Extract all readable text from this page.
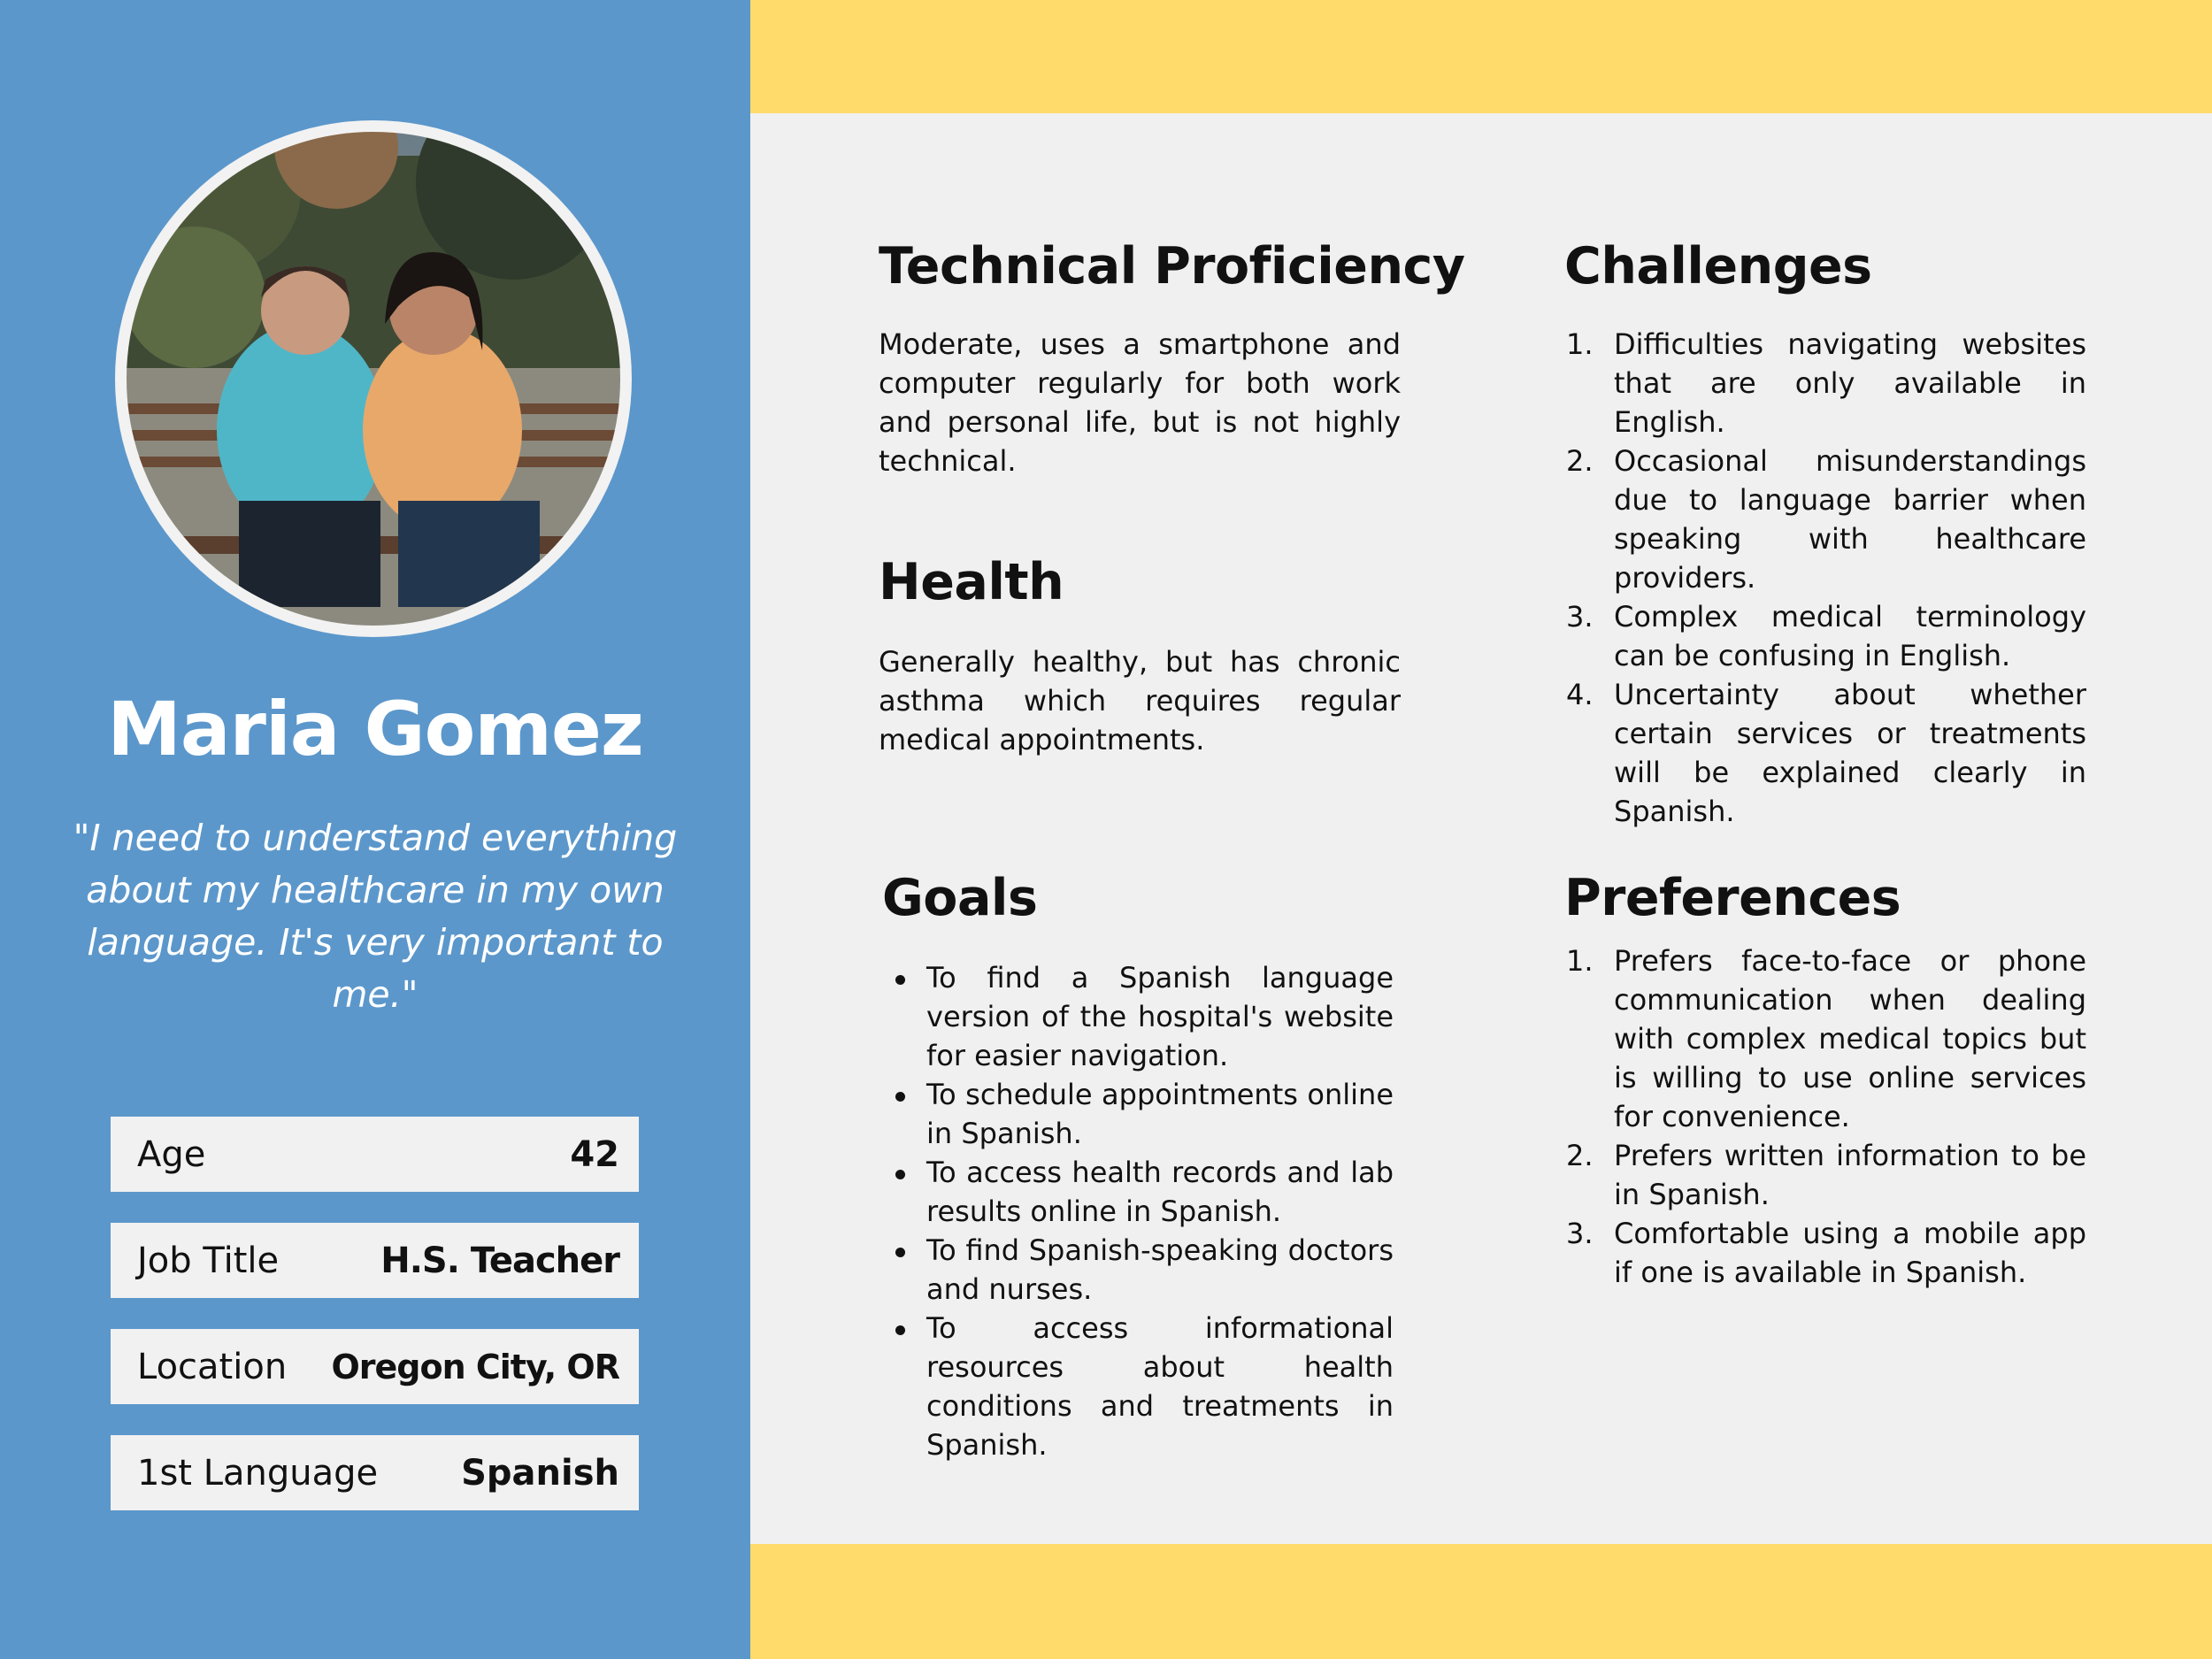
Maria Gomez
"I need to understand everything about my healthcare in my own language. It's very important to me."
Age	42
Job Title	H.S. Teacher
Location Oregon City, OR
1st Language Spanish
Technical Proficiency
Moderate, uses a smartphone and computer regularly for both work and personal life, but is not highly technical.
Health
Generally healthy, but has chronic asthma which requires regular medical appointments.
Goals
To find a Spanish language version of the hospital's website for easier navigation.
To schedule appointments online in Spanish.
To access health records and lab results online in Spanish.
To find Spanish-speaking doctors and nurses.
To access informational resources about health conditions and treatments in Spanish.
Challenges
1. Difficulties navigating websites that are only available in English.
2. Occasional misunderstandings due to language barrier when speaking with healthcare providers.
3. Complex medical terminology can be confusing in English.
4. Uncertainty about whether certain services or treatments will be explained clearly in Spanish.
Preferences
1. Prefers face-to-face or phone communication when dealing with complex medical topics but is willing to use online services for convenience.
2. Prefers written information to be in Spanish.
3. Comfortable using a mobile app if one is available in Spanish.
